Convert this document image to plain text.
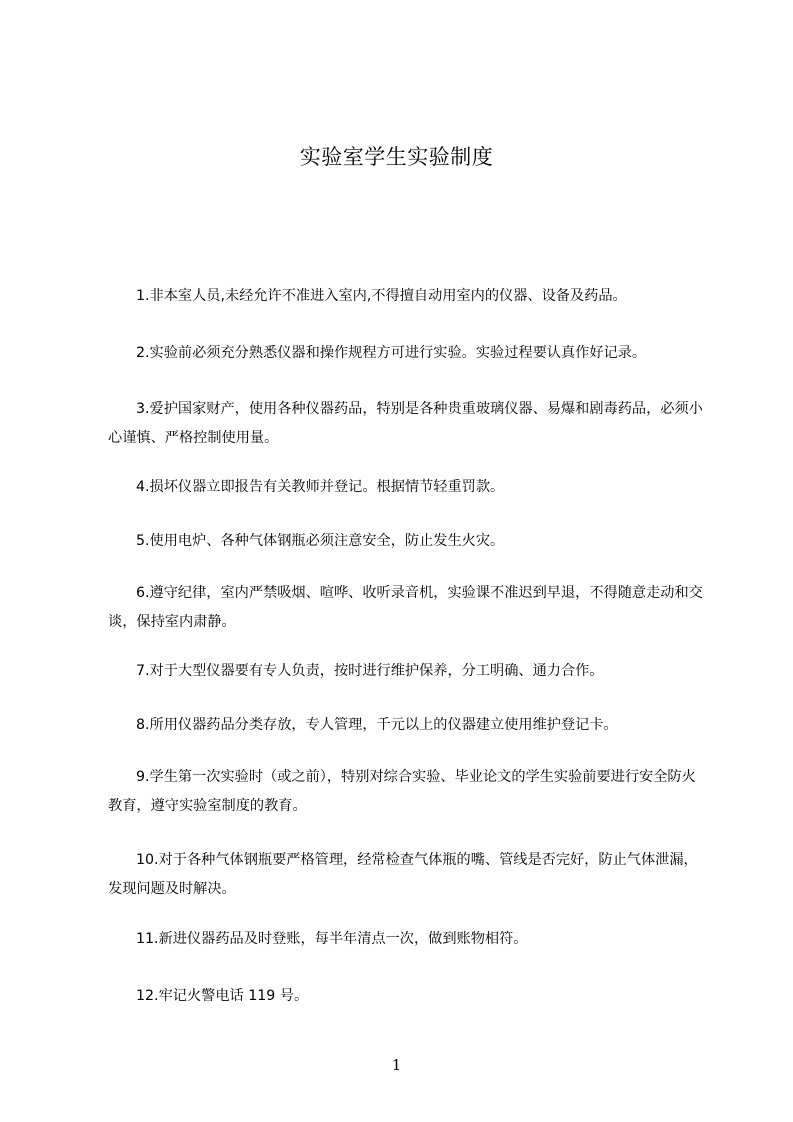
实验室学生实验制度

1.非本室人员,未经允许不准进入室内,不得擅自动用室内的仪器、设备及药品。

2.实验前必须充分熟悉仪器和操作规程方可进行实验。实验过程要认真作好记录。

3.爱护国家财产，使用各种仪器药品，特别是各种贵重玻璃仪器、易爆和剧毒药品，必须小心谨慎、严格控制使用量。

4.损坏仪器立即报告有关教师并登记。根据情节轻重罚款。

5.使用电炉、各种气体钢瓶必须注意安全，防止发生火灾。

6.遵守纪律，室内严禁吸烟、喧哗、收听录音机，实验课不准迟到早退，不得随意走动和交谈，保持室内肃静。

7.对于大型仪器要有专人负责，按时进行维护保养，分工明确、通力合作。

8.所用仪器药品分类存放，专人管理，千元以上的仪器建立使用维护登记卡。

9.学生第一次实验时（或之前），特别对综合实验、毕业论文的学生实验前要进行安全防火教育，遵守实验室制度的教育。

10.对于各种气体钢瓶要严格管理，经常检查气体瓶的嘴、管线是否完好，防止气体泄漏，发现问题及时解决。

11.新进仪器药品及时登账，每半年清点一次，做到账物相符。

12.牢记火警电话 119 号。

1
